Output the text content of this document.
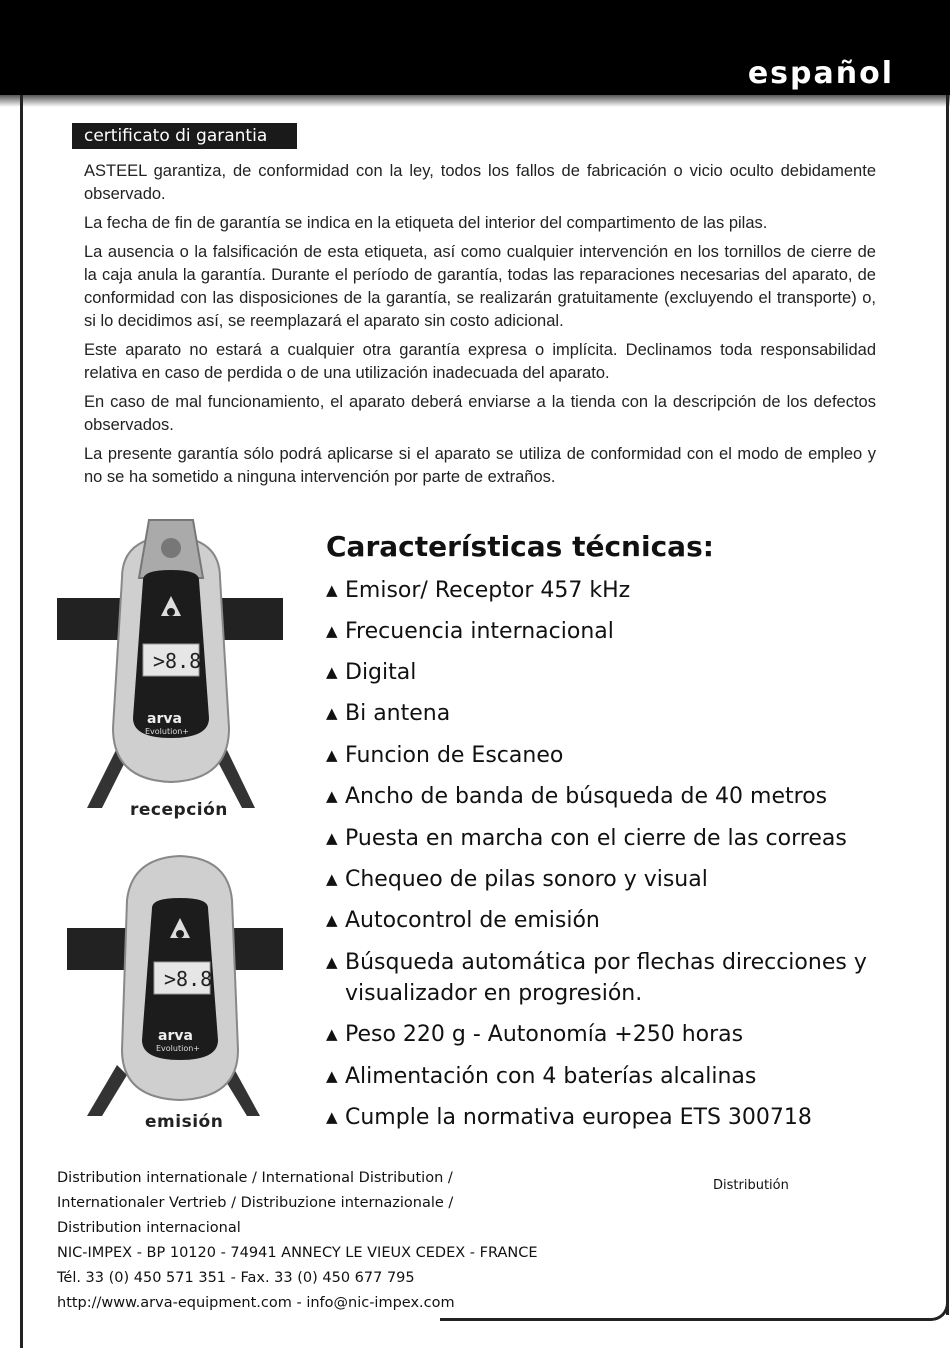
español
certificato di garantia

ASTEEL garantiza, de conformidad con la ley, todos los fallos de fabricación o vicio oculto debidamente observado.

La fecha de fin de garantía se indica en la etiqueta del interior del compartimento de las pilas.

La ausencia o la falsificación de esta etiqueta, así como cualquier intervención en los tornillos de cierre de la caja anula la garantía. Durante el período de garantía, todas las reparaciones necesarias del aparato, de conformidad con las disposiciones de la garantía, se realizarán gratuitamente (excluyendo el transporte) o, si lo decidimos así, se reemplazará el aparato sin costo adicional.

Este aparato no estará a cualquier otra garantía expresa o implícita. Declinamos toda responsabilidad relativa en caso de perdida o de una utilización inadecuada del aparato.

En caso de mal funcionamiento, el aparato deberá enviarse a la tienda con la descripción de los defectos observados.

La presente garantía sólo podrá aplicarse si el aparato se utiliza de conformidad con el modo de empleo y no se ha sometido a ninguna intervención por parte de extraños.

>8.8
arva
Evolution+
recepción
>8.8
arva
Evolution+
emisión
Características técnicas:
▲ Emisor/ Receptor 457 kHz
▲ Frecuencia internacional
▲ Digital
▲ Bi antena
▲ Funcion de Escaneo
▲ Ancho de banda de búsqueda de 40 metros
▲ Puesta en marcha con el cierre de las correas
▲ Chequeo de pilas sonoro y visual
▲ Autocontrol de emisión
▲ Búsqueda automática por flechas direcciones y visualizador en progresión.
▲ Peso 220 g - Autonomía +250 horas
▲ Alimentación con 4 baterías alcalinas
▲ Cumple la normativa europea ETS 300718
Distribution internationale / International Distribution /
Internationaler Vertrieb / Distribuzione internazionale /
Distribution internacional
NIC-IMPEX - BP 10120 - 74941 ANNECY LE VIEUX CEDEX - FRANCE
Tél. 33 (0) 450 571 351 - Fax. 33 (0) 450 677 795
http://www.arva-equipment.com - info@nic-impex.com
Distributión
